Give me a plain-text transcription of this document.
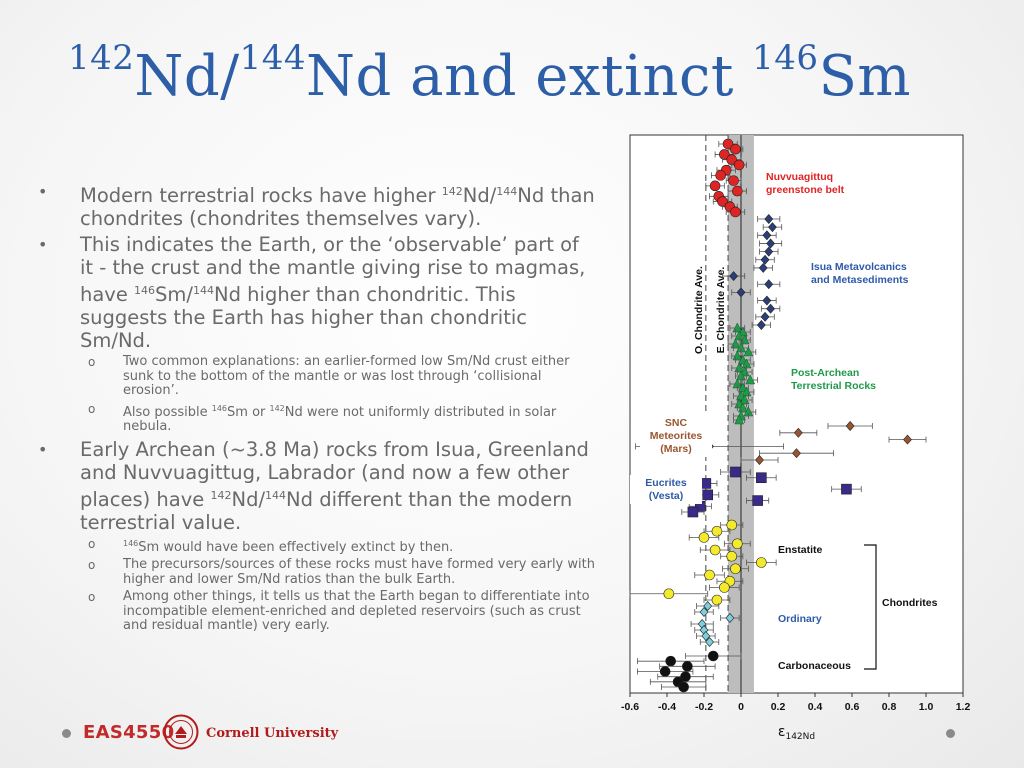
$^{142}$Nd/$^{144}$Nd and extinct $^{146}$Sm
• Modern terrestrial rocks have higher $^{142}$Nd/$^{144}$Nd than chondrites (chondrites themselves vary).
• This indicates the Earth, or the ‘observable’ part of it - the crust and the mantle giving rise to magmas, have $^{146}$Sm/$^{144}$Nd higher than chondritic. This suggests the Earth has higher than chondritic Sm/Nd.
o Two common explanations: an earlier-formed low Sm/Nd crust either sunk to the bottom of the mantle or was lost through ‘collisional erosion’.
o Also possible $^{146}$Sm or $^{142}$Nd were not uniformly distributed in solar nebula.
• Early Archean (~3.8 Ma) rocks from Isua, Greenland and Nuvvuagittug, Labrador (and now a few other places) have $^{142}$Nd/$^{144}$Nd different than the modern terrestrial value.
o	$^{146}$Sm would have been effectively extinct by then.
o The precursors/sources of these rocks must have formed very early with higher and lower Sm/Nd ratios than the bulk Earth.
o Among other things, it tells us that the Earth began to differentiate into incompatible element-enriched and depleted reservoirs (such as crust and residual mantle) very early.
O. Chondrite Ave. E. Chondrite Ave.
-0.6 -0.4 -0.2 0	0.2 0.4 0.6 0.8 1.0 1.2
$\varepsilon_{142Nd}$
Nuvvuagittuq greenstone belt
Isua Metavolcanics and Metasediments
Post-Archean Terrestrial Rocks
SNC Meteorites (Mars)
Eucrites (Vesta)
Enstatite
Ordinary
Carbonaceous
Chondrites
EAS4550 Cornell University
